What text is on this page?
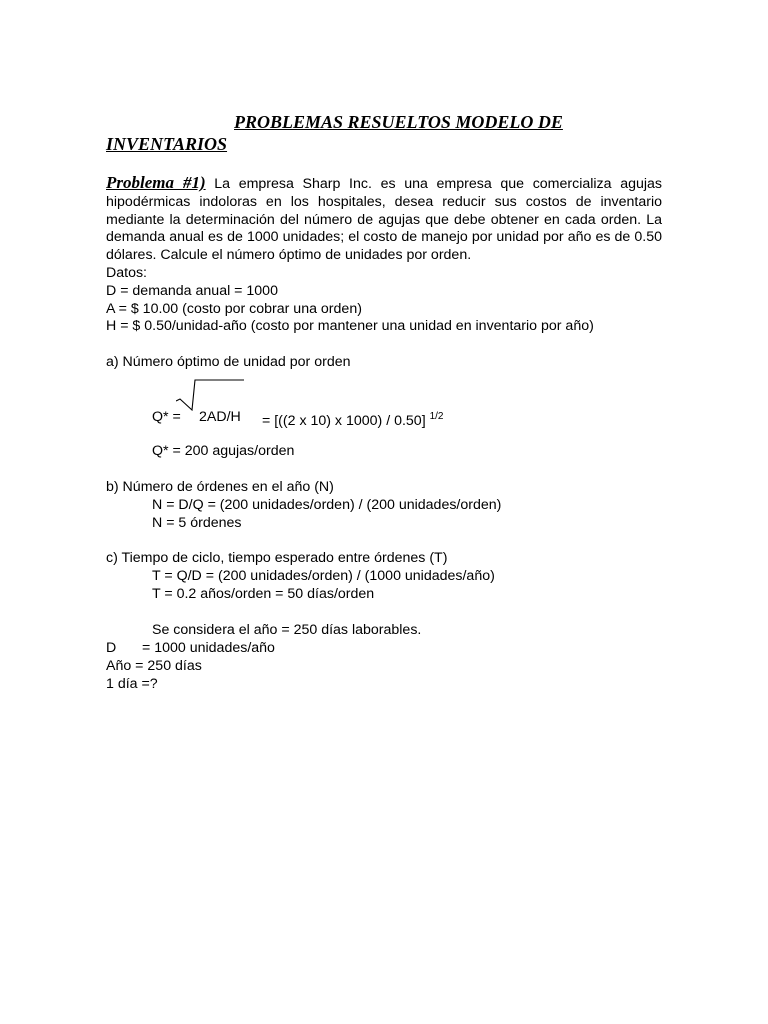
PROBLEMAS RESUELTOS MODELO DE
INVENTARIOS
Problema #1) La empresa Sharp Inc. es una empresa que comercializa agujas hipodérmicas indoloras en los hospitales, desea reducir sus costos de inventario mediante la determinación del número de agujas que debe obtener en cada orden. La demanda anual es de 1000 unidades; el costo de manejo por unidad por año es de 0.50 dólares. Calcule el número óptimo de unidades por orden.
Datos:
D = demanda anual = 1000
A = $ 10.00 (costo por cobrar una orden)
H = $ 0.50/unidad-año (costo por mantener una unidad en inventario por año)
a) Número óptimo de unidad por orden
Q* = 2AD/H = [((2 x 10) x 1000) / 0.50] $^{1/2}$
Q* = 200 agujas/orden
b) Número de órdenes en el año (N)
N = D/Q = (200 unidades/orden) / (200 unidades/orden)
N = 5 órdenes
c) Tiempo de ciclo, tiempo esperado entre órdenes (T)
T = Q/D = (200 unidades/orden) / (1000 unidades/año)
T = 0.2 años/orden = 50 días/orden
Se considera el año = 250 días laborables.
D = 1000 unidades/año
Año = 250 días
1 día =?
